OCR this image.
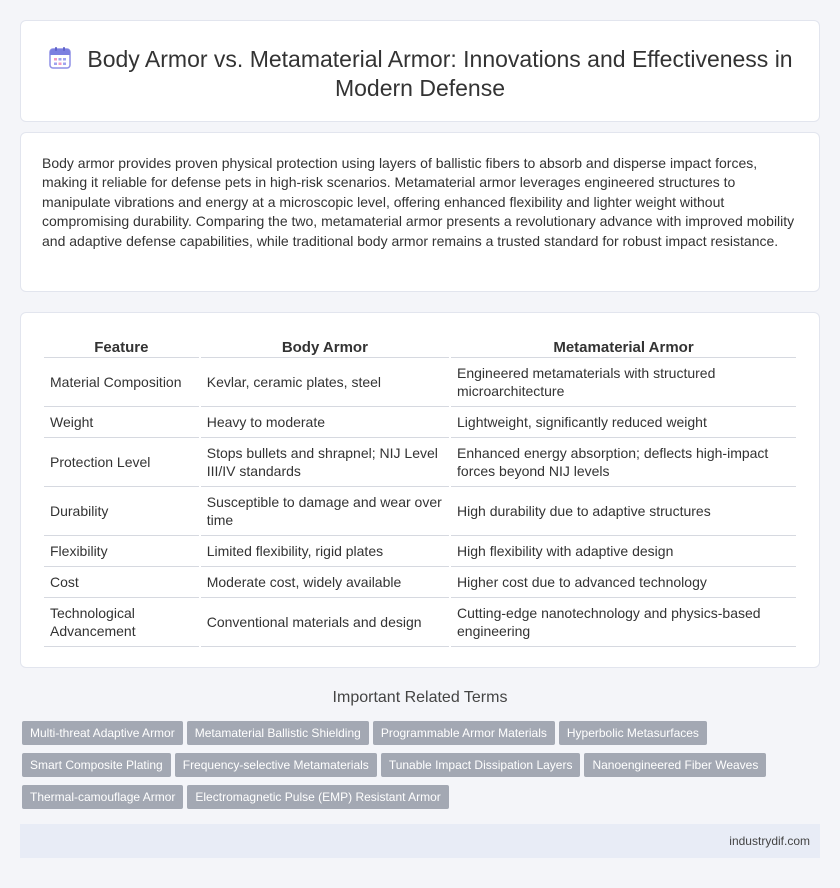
Body Armor vs. Metamaterial Armor: Innovations and Effectiveness in Modern Defense

Body armor provides proven physical protection using layers of ballistic fibers to absorb and disperse impact forces, making it reliable for defense pets in high-risk scenarios. Metamaterial armor leverages engineered structures to manipulate vibrations and energy at a microscopic level, offering enhanced flexibility and lighter weight without compromising durability. Comparing the two, metamaterial armor presents a revolutionary advance with improved mobility and adaptive defense capabilities, while traditional body armor remains a trusted standard for robust impact resistance.

Feature	Body Armor	Metamaterial Armor
Material Composition	Kevlar, ceramic plates, steel	Engineered metamaterials with structured microarchitecture
Weight	Heavy to moderate	Lightweight, significantly reduced weight
Protection Level	Stops bullets and shrapnel; NIJ Level III/IV standards	Enhanced energy absorption; deflects high-impact forces beyond NIJ levels
Durability	Susceptible to damage and wear over time	High durability due to adaptive structures
Flexibility	Limited flexibility, rigid plates	High flexibility with adaptive design
Cost	Moderate cost, widely available	Higher cost due to advanced technology
Technological Advancement	Conventional materials and design	Cutting-edge nanotechnology and physics-based engineering
Important Related Terms
Multi-threat Adaptive Armor Metamaterial Ballistic Shielding Programmable Armor Materials Hyperbolic Metasurfaces
Smart Composite Plating Frequency-selective Metamaterials Tunable Impact Dissipation Layers Nanoengineered Fiber Weaves
Thermal-camouflage Armor Electromagnetic Pulse (EMP) Resistant Armor
industrydif.com
